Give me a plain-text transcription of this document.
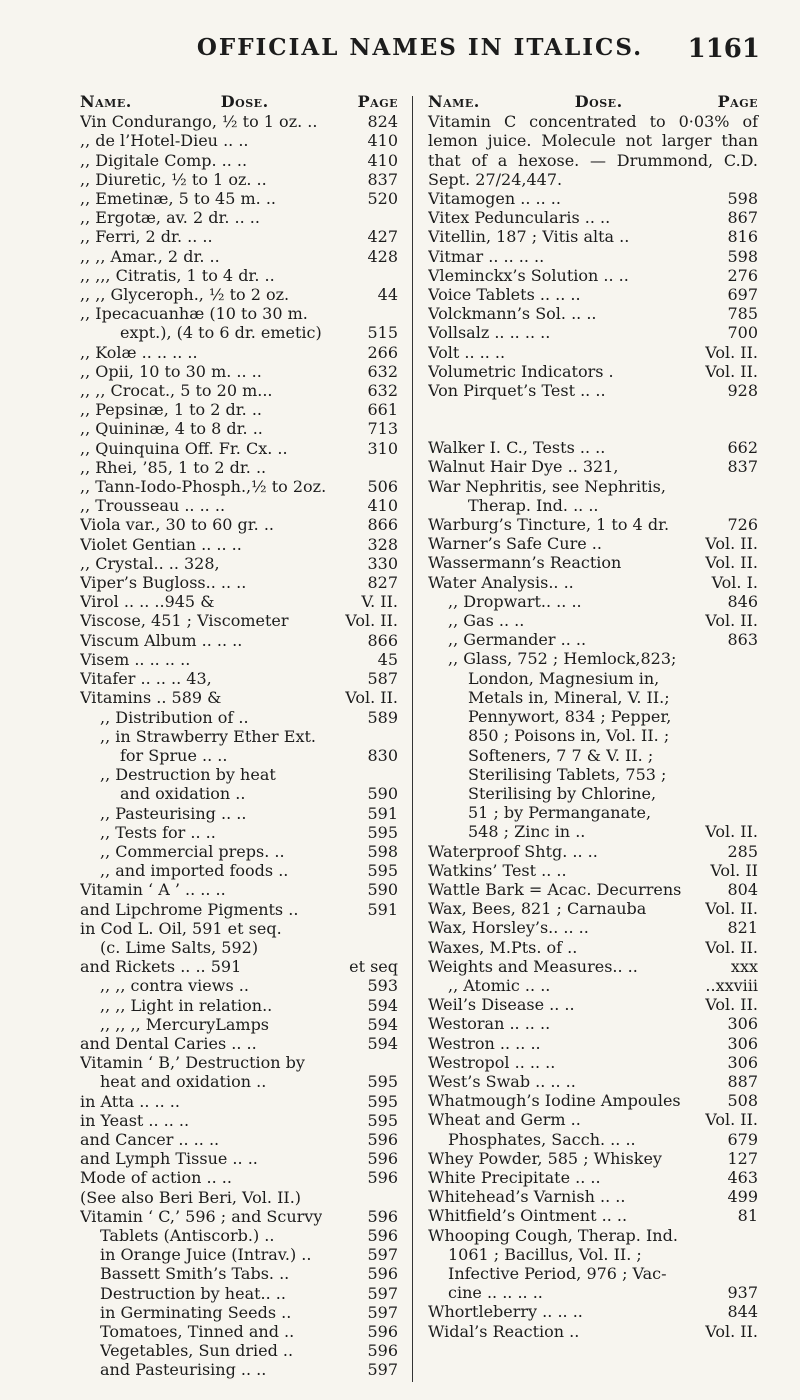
OFFICIAL NAMES IN ITALICS.	1161
Name.	Dose.	Page
Vin Condurango, ½ to 1 oz. ..	824
,, de l’Hotel-Dieu .. ..	410
,, Digitale Comp. .. ..	410
,, Diuretic, ½ to 1 oz. ..	837
,, Emetinæ, 5 to 45 m. ..	520
,, Ergotæ, av. 2 dr. .. ..
,, Ferri, 2 dr. .. ..	427
,, ,, Amar., 2 dr. ..	428
,, ,,, Citratis, 1 to 4 dr. ..
,, ,, Glyceroph., ½ to 2 oz.	44
,, Ipecacuanhæ (10 to 30 m.
expt.), (4 to 6 dr. emetic)	515
,, Kolæ .. .. .. ..	266
,, Opii, 10 to 30 m. .. ..	632
,, ,, Crocat., 5 to 20 m...	632
,, Pepsinæ, 1 to 2 dr. ..	661
,, Quininæ, 4 to 8 dr. ..	713
,, Quinquina Off. Fr. Cx. ..	310
,, Rhei, ’85, 1 to 2 dr. ..
,, Tann-Iodo-Phosph.,½ to 2oz.	506
,, Trousseau .. .. ..	410
Viola var., 30 to 60 gr. ..	866
Violet Gentian .. .. ..	328
,, Crystal.. .. 328,	330
Viper’s Bugloss.. .. ..	827
Virol .. .. ..945 &	V. II.
Viscose, 451 ; Viscometer	Vol. II.
Viscum Album .. .. ..	866
Visem .. .. .. ..	45
Vitafer .. .. .. 43,	587
Vitamins .. 589 &	Vol. II.
,, Distribution of ..	589
,, in Strawberry Ether Ext.
for Sprue .. ..	830
,, Destruction by heat
and oxidation ..	590
,, Pasteurising .. ..	591
,, Tests for .. ..	595
,, Commercial preps. ..	598
,, and imported foods ..	595
Vitamin ‘ A ’ .. .. ..	590
and Lipchrome Pigments ..	591
in Cod L. Oil, 591 et seq.
(c. Lime Salts, 592)
and Rickets .. .. 591	et seq
,, ,, contra views ..	593
,, ,, Light in relation..	594
,, ,, ,, MercuryLamps	594
and Dental Caries .. ..	594
Vitamin ‘ B,’ Destruction by
heat and oxidation ..	595
in Atta .. .. ..	595
in Yeast .. .. ..	595
and Cancer .. .. ..	596
and Lymph Tissue .. ..	596
Mode of action .. ..	596
(See also Beri Beri, Vol. II.)
Vitamin ‘ C,’ 596 ; and Scurvy	596
Tablets (Antiscorb.) ..	596
in Orange Juice (Intrav.) ..	597
Bassett Smith’s Tabs. ..	596
Destruction by heat.. ..	597
in Germinating Seeds ..	597
Tomatoes, Tinned and ..	596
Vegetables, Sun dried ..	596
and Pasteurising .. ..	597
Name.	Dose.	Page
Vitamin C concentrated to 0·03% of lemon juice. Molecule not larger than that of a hexose. — Drummond, C.D. Sept. 27/24,447.
Vitamogen .. .. ..	598
Vitex Peduncularis .. ..	867
Vitellin, 187 ; Vitis alta ..	816
Vitmar .. .. .. ..	598
Vleminckx’s Solution .. ..	276
Voice Tablets .. .. ..	697
Volckmann’s Sol. .. ..	785
Vollsalz .. .. .. ..	700
Volt .. .. ..	Vol. II.
Volumetric Indicators .	Vol. II.
Von Pirquet’s Test .. ..	928
Walker I. C., Tests .. ..	662
Walnut Hair Dye .. 321,	837
War Nephritis, see Nephritis,
Therap. Ind. .. ..
Warburg’s Tincture, 1 to 4 dr.	726
Warner’s Safe Cure ..	Vol. II.
Wassermann’s Reaction	Vol. II.
Water Analysis.. ..	Vol. I.
,, Dropwart.. .. ..	846
,, Gas .. ..	Vol. II.
,, Germander .. ..	863
,, Glass, 752 ; Hemlock,823;
London, Magnesium in,
Metals in, Mineral, V. II.;
Pennywort, 834 ; Pepper,
850 ; Poisons in, Vol. II. ;
Softeners, 7 7 & V. II. ;
Sterilising Tablets, 753 ;
Sterilising by Chlorine,
51 ; by Permanganate,
548 ; Zinc in ..	Vol. II.
Waterproof Shtg. .. ..	285
Watkins’ Test .. ..	Vol. II
Wattle Bark = Acac. Decurrens	804
Wax, Bees, 821 ; Carnauba	Vol. II.
Wax, Horsley’s.. .. ..	821
Waxes, M.Pts. of ..	Vol. II.
Weights and Measures.. ..	xxx
,, Atomic .. ..	..xxviii
Weil’s Disease .. ..	Vol. II.
Westoran .. .. ..	306
Westron .. .. ..	306
Westropol .. .. ..	306
West’s Swab .. .. ..	887
Whatmough’s Iodine Ampoules	508
Wheat and Germ ..	Vol. II.
Phosphates, Sacch. .. ..	679
Whey Powder, 585 ; Whiskey	127
White Precipitate .. ..	463
Whitehead’s Varnish .. ..	499
Whitfield’s Ointment .. ..	81
Whooping Cough, Therap. Ind.
1061 ; Bacillus, Vol. II. ;
Infective Period, 976 ; Vac-
cine .. .. .. ..	937
Whortleberry .. .. ..	844
Widal’s Reaction ..	Vol. II.
